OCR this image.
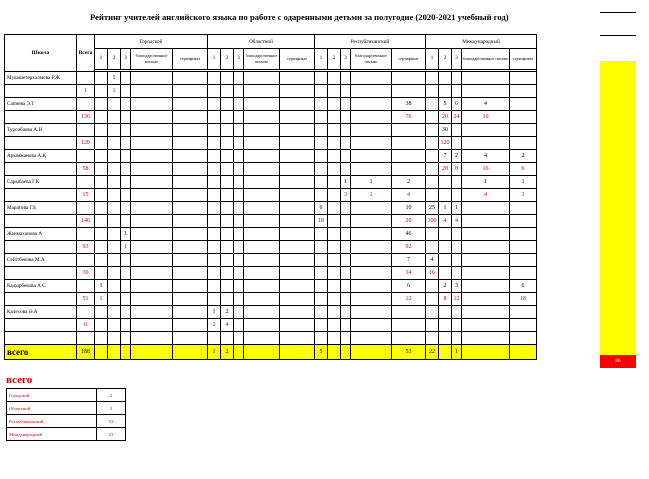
Рейтинг учителей английского языка по работе с одаренными детьми за полугодие (2020-2021 учебный год)
Школа	Всего	Городской					Областной					Республиканский					Международный				
		1	2	3	благодарственное письмо	сертификат	1	2	3	благодарственное письмо	сертификат	1	2	3	благодарственное письмо	сертификат	1	2	3	благодарственное письмо	сертификат

Мукашетерхалмова Р.Ж			1																		
	1		1																		
Сапиева Э.Т																38		5	6	4	
	136															76		20	24	16	
Турсибаева А.Н																		30			
	120																	120			
Арымжанова А.Қ																		7	2	4	2
	58																	28	8	16	6
Сарыбаева Г.К														1	1	2				1	1
	15													3	1	4				4	3
Маратова Г.Б												6				10	25	1	1		
	146											18				20	100	4	4		
Жанмаханова А				1												46					
	93			1												92					
Сейітбекова М.А																7	4				
	30															14	16				
Кадырбекова А.С		1														6		2	3		6
	51	1														12		8	12		18
Қалесова Ә.А							1	2													
	6						2	4													

всего	188						1	2				5				53	22		1		
86
всего
Городской	2
Областной	3
Республиканский	53
Международный	23
